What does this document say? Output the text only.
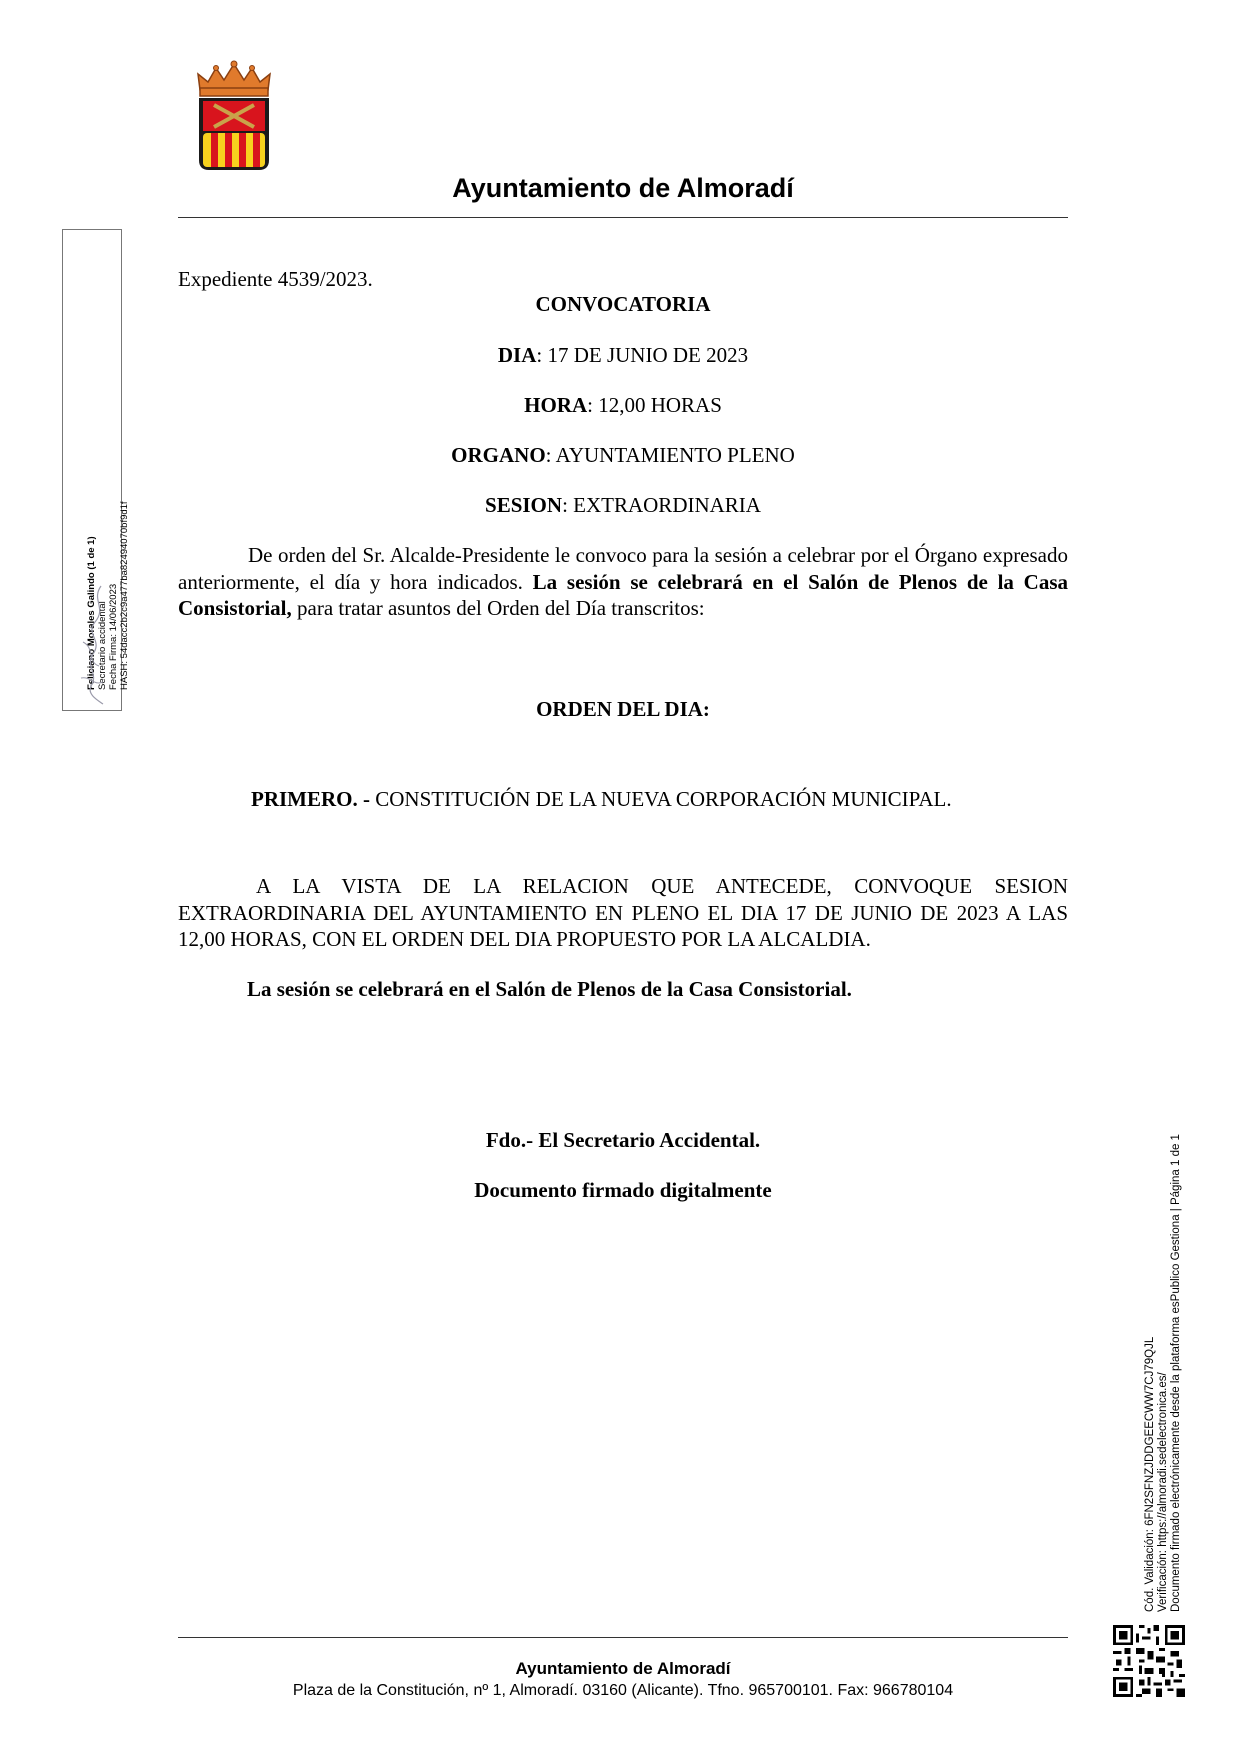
Ayuntamiento de Almoradí
Feliciano Morales Galindo (1 de 1) Secretario accidental Fecha Firma: 14/06/2023 HASH: 54dacc2b2c9a477ba82494070bf9d1f
Expediente 4539/2023.
CONVOCATORIA
DIA: 17 DE JUNIO DE 2023
HORA: 12,00 HORAS
ORGANO: AYUNTAMIENTO PLENO
SESION: EXTRAORDINARIA

De orden del Sr. Alcalde-Presidente le convoco para la sesión a celebrar por el Órgano expresado anteriormente, el día y hora indicados. La sesión se celebrará en el Salón de Plenos de la Casa Consistorial, para tratar asuntos del Orden del Día transcritos:

ORDEN DEL DIA:
PRIMERO. - CONSTITUCIÓN DE LA NUEVA CORPORACIÓN MUNICIPAL.

A LA VISTA DE LA RELACION QUE ANTECEDE, CONVOQUE SESION EXTRAORDINARIA DEL AYUNTAMIENTO EN PLENO EL DIA 17 DE JUNIO DE 2023 A LAS 12,00 HORAS, CON EL ORDEN DEL DIA PROPUESTO POR LA ALCALDIA.

La sesión se celebrará en el Salón de Plenos de la Casa Consistorial.
Fdo.- El Secretario Accidental.
Documento firmado digitalmente
Cód. Validación: 6FN2SFNZJDDGEECWW7CJ79QJL Verificación: https://almoradi.sedelectronica.es/ Documento firmado electrónicamente desde la plataforma esPublico Gestiona | Página 1 de 1
Ayuntamiento de Almoradí
Plaza de la Constitución, nº 1, Almoradí. 03160 (Alicante). Tfno. 965700101. Fax: 966780104
